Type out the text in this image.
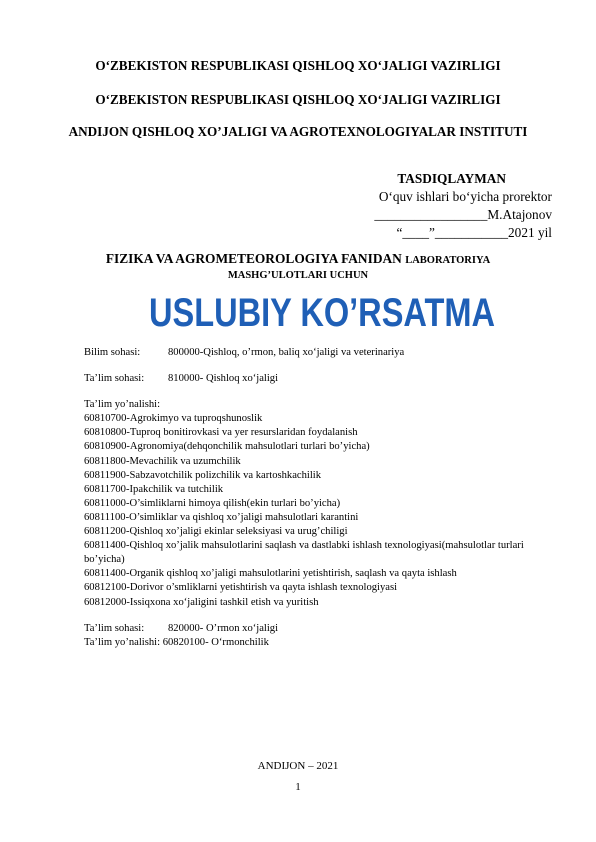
O‘ZBEKISTON RESPUBLIKASI QISHLOQ XO‘JALIGI VAZIRLIGI
O‘ZBEKISTON RESPUBLIKASI QISHLOQ XO‘JALIGI VAZIRLIGI
ANDIJON QISHLOQ XO’JALIGI VA AGROTEXNOLOGIYALAR INSTITUTI
TASDIQLAYMAN
O‘quv ishlari bo‘yicha prorektor
_________________M.Atajonov
“____”___________2021 yil
FIZIKA VA AGROMETEOROLOGIYA FANIDAN LABORATORIYA
MASHG’ULOTLARI UCHUN
USLUBIY KO’RSATMA
Bilim sohasi:	800000-Qishloq, o’rmon, baliq xo‘jaligi va veterinariya
Ta’lim sohasi:	810000- Qishloq xo‘jaligi
Ta’lim yo’nalishi:
60810700-Agrokimyo va tuproqshunoslik
60810800-Tuproq bonitirovkasi va yer resurslaridan foydalanish
60810900-Agronomiya(dehqonchilik mahsulotlari turlari bo’yicha)
60811800-Mevachilik va uzumchilik
60811900-Sabzavotchilik polizchilik va kartoshkachilik
60811700-Ipakchilik va tutchilik
60811000-O’simliklarni himoya qilish(ekin turlari bo’yicha)
60811100-O’simliklar va qishloq xo’jaligi mahsulotlari karantini
60811200-Qishloq xo’jaligi ekinlar seleksiyasi va urug’chiligi
60811400-Qishloq xo’jalik mahsulotlarini saqlash va dastlabki ishlash texnologiyasi(mahsulotlar turlari bo’yicha)
60811400-Organik qishloq xo’jaligi mahsulotlarini yetishtirish, saqlash va qayta ishlash
60812100-Dorivor o’smliklarni yetishtirish va qayta ishlash texnologiyasi
60812000-Issiqxona xo‘jaligini tashkil etish va yuritish
Ta’lim sohasi:	820000- O’rmon xo‘jaligi
Ta’lim yo’nalishi: 60820100- O‘rmonchilik
ANDIJON – 2021
1
